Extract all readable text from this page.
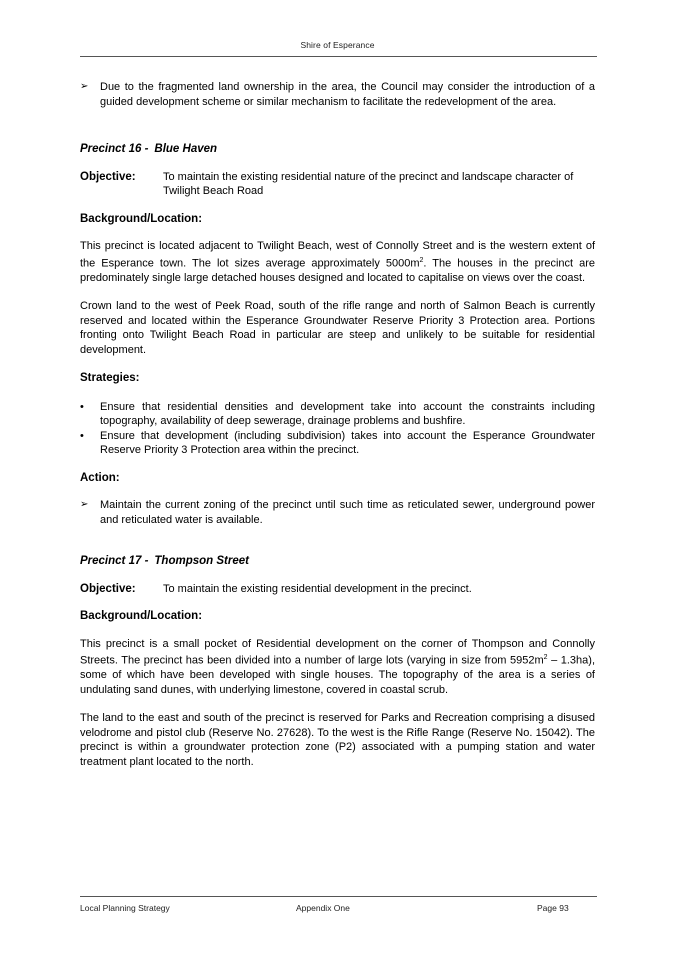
Shire of Esperance
➢	Due to the fragmented land ownership in the area, the Council may consider the introduction of a guided development scheme or similar mechanism to facilitate the redevelopment of the area.
Precinct 16 - Blue Haven
Objective:	To maintain the existing residential nature of the precinct and landscape character of Twilight Beach Road
Background/Location:

This precinct is located adjacent to Twilight Beach, west of Connolly Street and is the western extent of the Esperance town. The lot sizes average approximately $5000m^2$. The houses in the precinct are predominately single large detached houses designed and located to capitalise on views over the coast.

Crown land to the west of Peek Road, south of the rifle range and north of Salmon Beach is currently reserved and located within the Esperance Groundwater Reserve Priority 3 Protection area. Portions fronting onto Twilight Beach Road in particular are steep and unlikely to be suitable for residential development.

Strategies:
•	Ensure that residential densities and development take into account the constraints including topography, availability of deep sewerage, drainage problems and bushfire.
•	Ensure that development (including subdivision) takes into account the Esperance Groundwater Reserve Priority 3 Protection area within the precinct.
Action:
➢	Maintain the current zoning of the precinct until such time as reticulated sewer, underground power and reticulated water is available.
Precinct 17 - Thompson Street
Objective:	To maintain the existing residential development in the precinct.
Background/Location:

This precinct is a small pocket of Residential development on the corner of Thompson and Connolly Streets. The precinct has been divided into a number of large lots (varying in size from $5952m^2 - 1.3ha$), some of which have been developed with single houses. The topography of the area is a series of undulating sand dunes, with underlying limestone, covered in coastal scrub.

The land to the east and south of the precinct is reserved for Parks and Recreation comprising a disused velodrome and pistol club (Reserve No. 27628). To the west is the Rifle Range (Reserve No. 15042). The precinct is within a groundwater protection zone (P2) associated with a pumping station and water treatment plant located to the north.

Local Planning Strategy	Appendix One	Page 93
